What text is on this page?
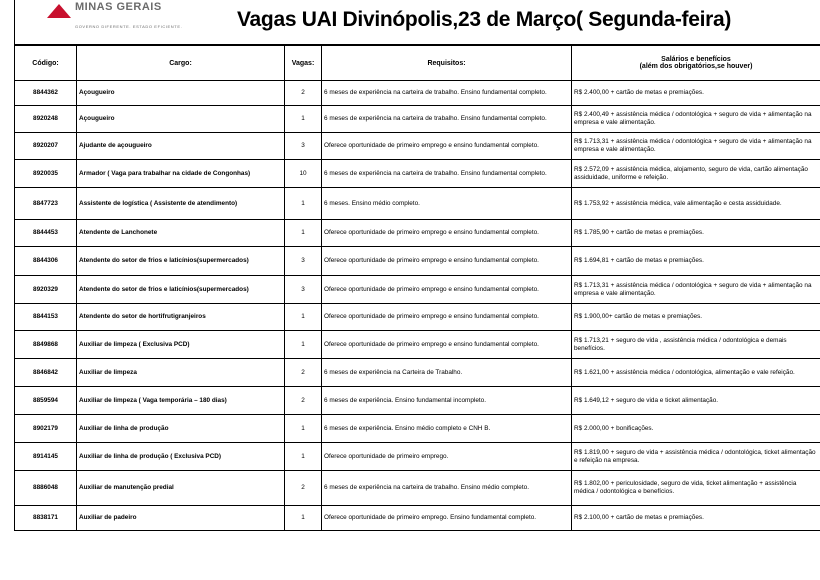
MINAS GERAIS
GOVERNO DIFERENTE. ESTADO EFICIENTE.	Vagas UAI Divinópolis,23 de Março( Segunda-feira)
Código:	Cargo:	Vagas:	Requisitos:	Salários e benefícios
(além dos obrigatórios,se houver)

8844362	Açougueiro	2	6 meses de experiência na carteira de trabalho. Ensino fundamental completo.	R$ 2.400,00 + cartão de metas e premiações.
8920248	Açougueiro	1	6 meses de experiência na carteira de trabalho. Ensino fundamental completo.	R$ 2.400,49 + assistência médica / odontológica + seguro de vida + alimentação na empresa e vale alimentação.
8920207	Ajudante de açougueiro	3	Oferece oportunidade de primeiro emprego e ensino fundamental completo.	R$ 1.713,31 + assistência médica / odontológica + seguro de vida + alimentação na empresa e vale alimentação.
8920035	Armador ( Vaga para trabalhar na cidade de Congonhas)	10	6 meses de experiência na carteira de trabalho. Ensino fundamental completo.	R$ 2.572,09 + assistência médica, alojamento, seguro de vida, cartão alimentação assiduidade, uniforme e refeição.
8847723	Assistente de logística ( Assistente de atendimento)	1	6 meses. Ensino médio completo.	R$ 1.753,92 + assistência médica, vale alimentação e cesta assiduidade.
8844453	Atendente de Lanchonete	1	Oferece oportunidade de primeiro emprego e ensino fundamental completo.	R$ 1.785,90 + cartão de metas e premiações.
8844306	Atendente do setor de frios e laticínios(supermercados)	3	Oferece oportunidade de primeiro emprego e ensino fundamental completo.	R$ 1.694,81 + cartão de metas e premiações.
8920329	Atendente do setor de frios e laticínios(supermercados)	3	Oferece oportunidade de primeiro emprego e ensino fundamental completo.	R$ 1.713,31 + assistência médica / odontológica + seguro de vida + alimentação na empresa e vale alimentação.
8844153	Atendente do setor de hortifrutigranjeiros	1	Oferece oportunidade de primeiro emprego e ensino fundamental completo.	R$ 1.900,00+ cartão de metas e premiações.
8849868	Auxiliar de limpeza ( Exclusiva PCD)	1	Oferece oportunidade de primeiro emprego e ensino fundamental completo.	R$ 1.713,21 + seguro de vida , assistência médica / odontológica e demais benefícios.
8846842	Auxiliar de limpeza	2	6 meses de experiência na Carteira de Trabalho.	R$ 1.621,00 + assistência médica / odontológica, alimentação e vale refeição.
8859594	Auxiliar de limpeza ( Vaga temporária – 180 dias)	2	6 meses de experiência. Ensino fundamental incompleto.	R$ 1.649,12 + seguro de vida e ticket alimentação.
8902179	Auxiliar de linha de produção	1	6 meses de experiência. Ensino médio completo e CNH B.	R$ 2.000,00 + bonificações.
8914145	Auxiliar de linha de produção ( Exclusiva PCD)	1	Oferece oportunidade de primeiro emprego.	R$ 1.819,00 + seguro de vida + assistência médica / odontológica, ticket alimentação e refeição na empresa.
8886048	Auxiliar de manutenção predial	2	6 meses de experiência na carteira de trabalho. Ensino médio completo.	R$ 1.802,00 + periculosidade, seguro de vida, ticket alimentação + assistência médica / odontológica e benefícios.
8838171	Auxiliar de padeiro	1	Oferece oportunidade de primeiro emprego. Ensino fundamental completo.	R$ 2.100,00 + cartão de metas e premiações.
